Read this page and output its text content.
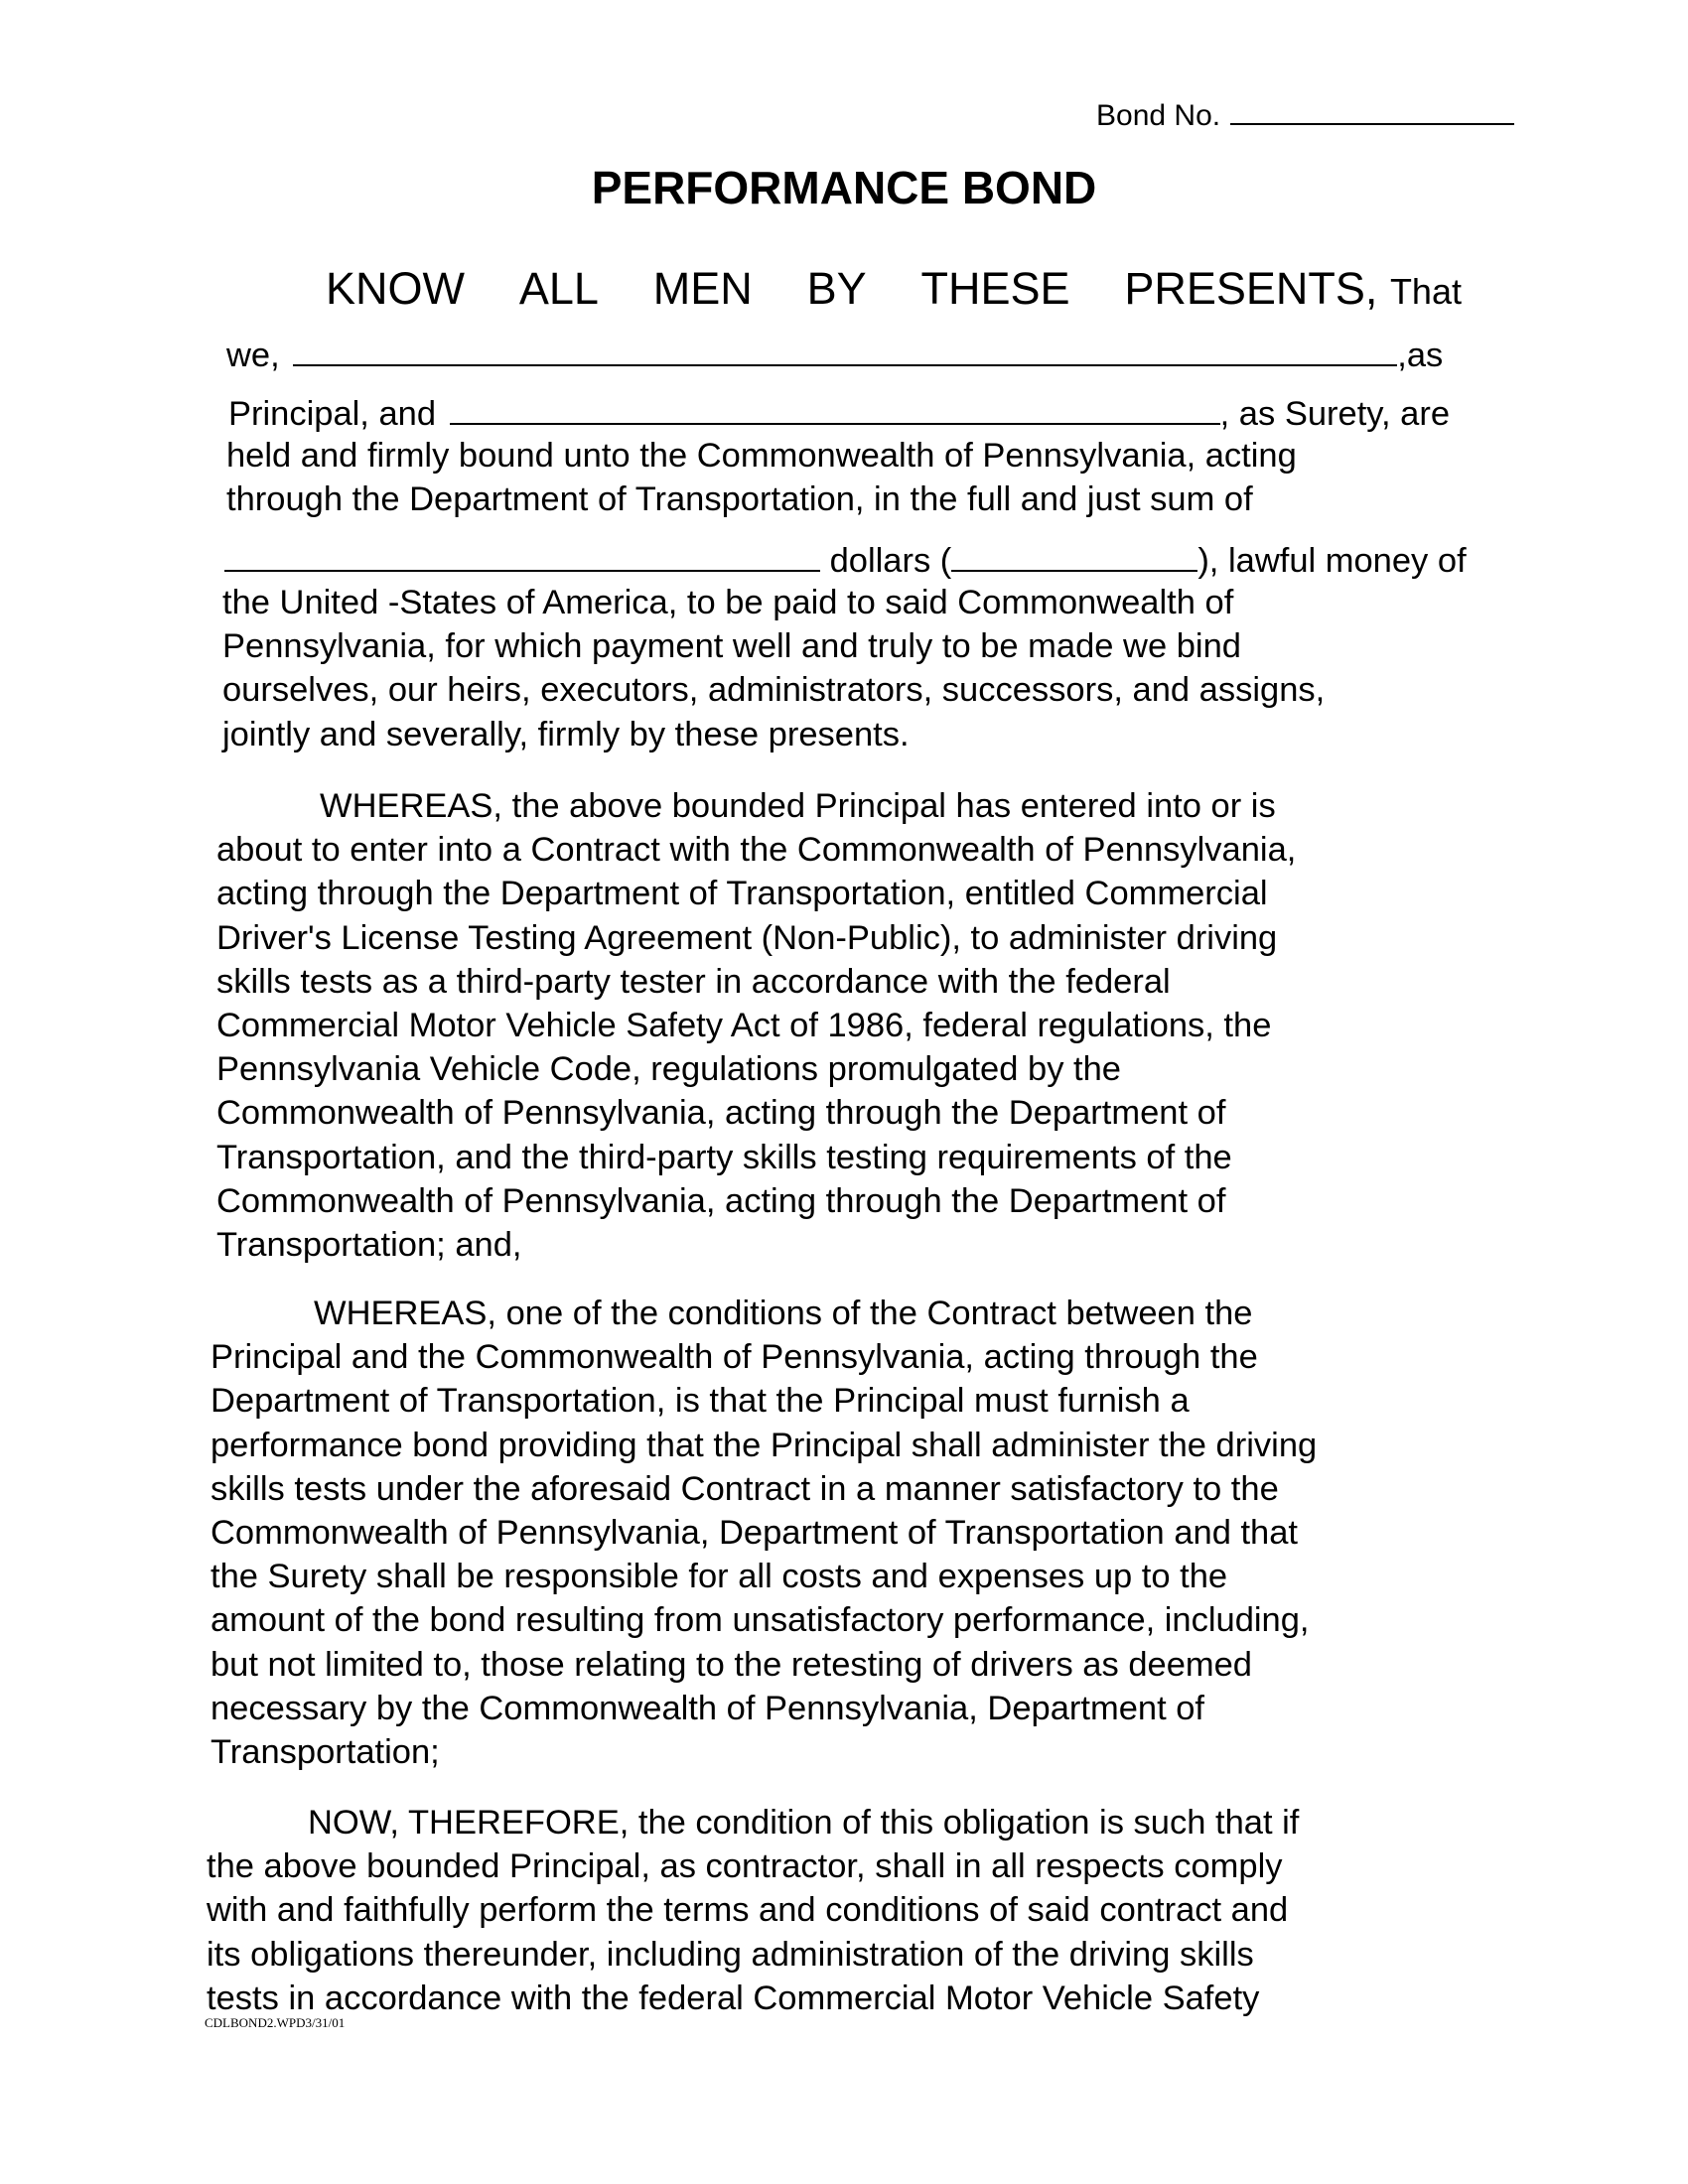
Bond No.
PERFORMANCE BOND
KNOW ALL MEN BY THESE PRESENTS, That
we,	,as
Principal, and	, as Surety, are
held and firmly bound unto the Commonwealth of Pennsylvania, acting
through the Department of Transportation, in the full and just sum of
dollars (	), lawful money of
the United -States of America, to be paid to said Commonwealth of
Pennsylvania, for which payment well and truly to be made we bind
ourselves, our heirs, executors, administrators, successors, and assigns,
jointly and severally, firmly by these presents.
WHEREAS, the above bounded Principal has entered into or is
about to enter into a Contract with the Commonwealth of Pennsylvania,
acting through the Department of Transportation, entitled Commercial
Driver's License Testing Agreement (Non-Public), to administer driving
skills tests as a third-party tester in accordance with the federal
Commercial Motor Vehicle Safety Act of 1986, federal regulations, the
Pennsylvania Vehicle Code, regulations promulgated by the
Commonwealth of Pennsylvania, acting through the Department of
Transportation, and the third-party skills testing requirements of the
Commonwealth of Pennsylvania, acting through the Department of
Transportation; and,
WHEREAS, one of the conditions of the Contract between the
Principal and the Commonwealth of Pennsylvania, acting through the
Department of Transportation, is that the Principal must furnish a
performance bond providing that the Principal shall administer the driving
skills tests under the aforesaid Contract in a manner satisfactory to the
Commonwealth of Pennsylvania, Department of Transportation and that
the Surety shall be responsible for all costs and expenses up to the
amount of the bond resulting from unsatisfactory performance, including,
but not limited to, those relating to the retesting of drivers as deemed
necessary by the Commonwealth of Pennsylvania, Department of
Transportation;
NOW, THEREFORE, the condition of this obligation is such that if
the above bounded Principal, as contractor, shall in all respects comply
with and faithfully perform the terms and conditions of said contract and
its obligations thereunder, including administration of the driving skills
tests in accordance with the federal Commercial Motor Vehicle Safety
CDLBOND2.WPD3/31/01
